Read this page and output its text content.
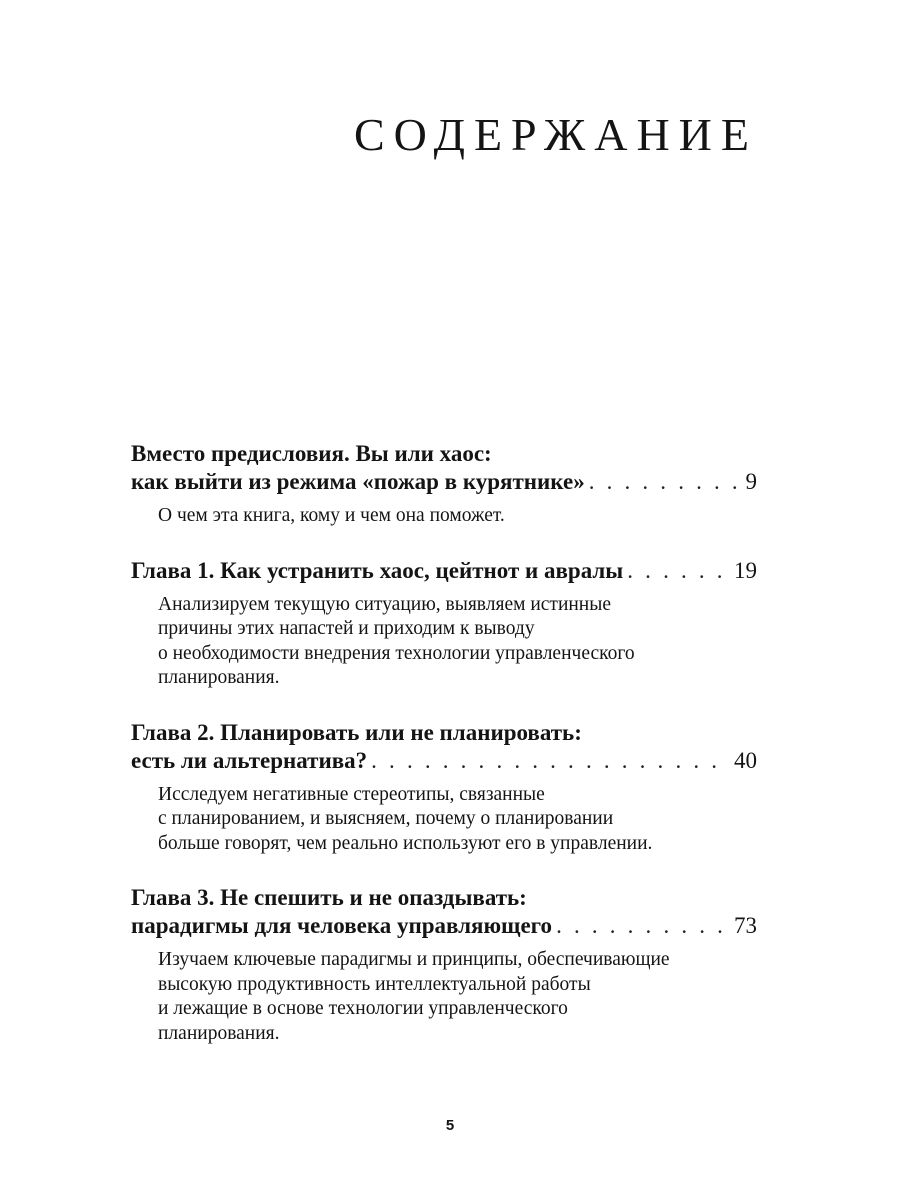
СОДЕРЖАНИЕ
Вместо предисловия. Вы или хаос:
как выйти из режима «пожар в курятнике» . . .	9
О чем эта книга, кому и чем она поможет.
Глава 1. Как устранить хаос, цейтнот и авралы . . .	19
Анализируем текущую ситуацию, выявляем истинные
причины этих напастей и приходим к выводу
о необходимости внедрения технологии управленческого
планирования.
Глава 2. Планировать или не планировать:
есть ли альтернатива? . . .	40
Исследуем негативные стереотипы, связанные
с планированием, и выясняем, почему о планировании
больше говорят, чем реально используют его в управлении.
Глава 3. Не спешить и не опаздывать:
парадигмы для человека управляющего . . .	73
Изучаем ключевые парадигмы и принципы, обеспечивающие
высокую продуктивность интеллектуальной работы
и лежащие в основе технологии управленческого
планирования.
5
